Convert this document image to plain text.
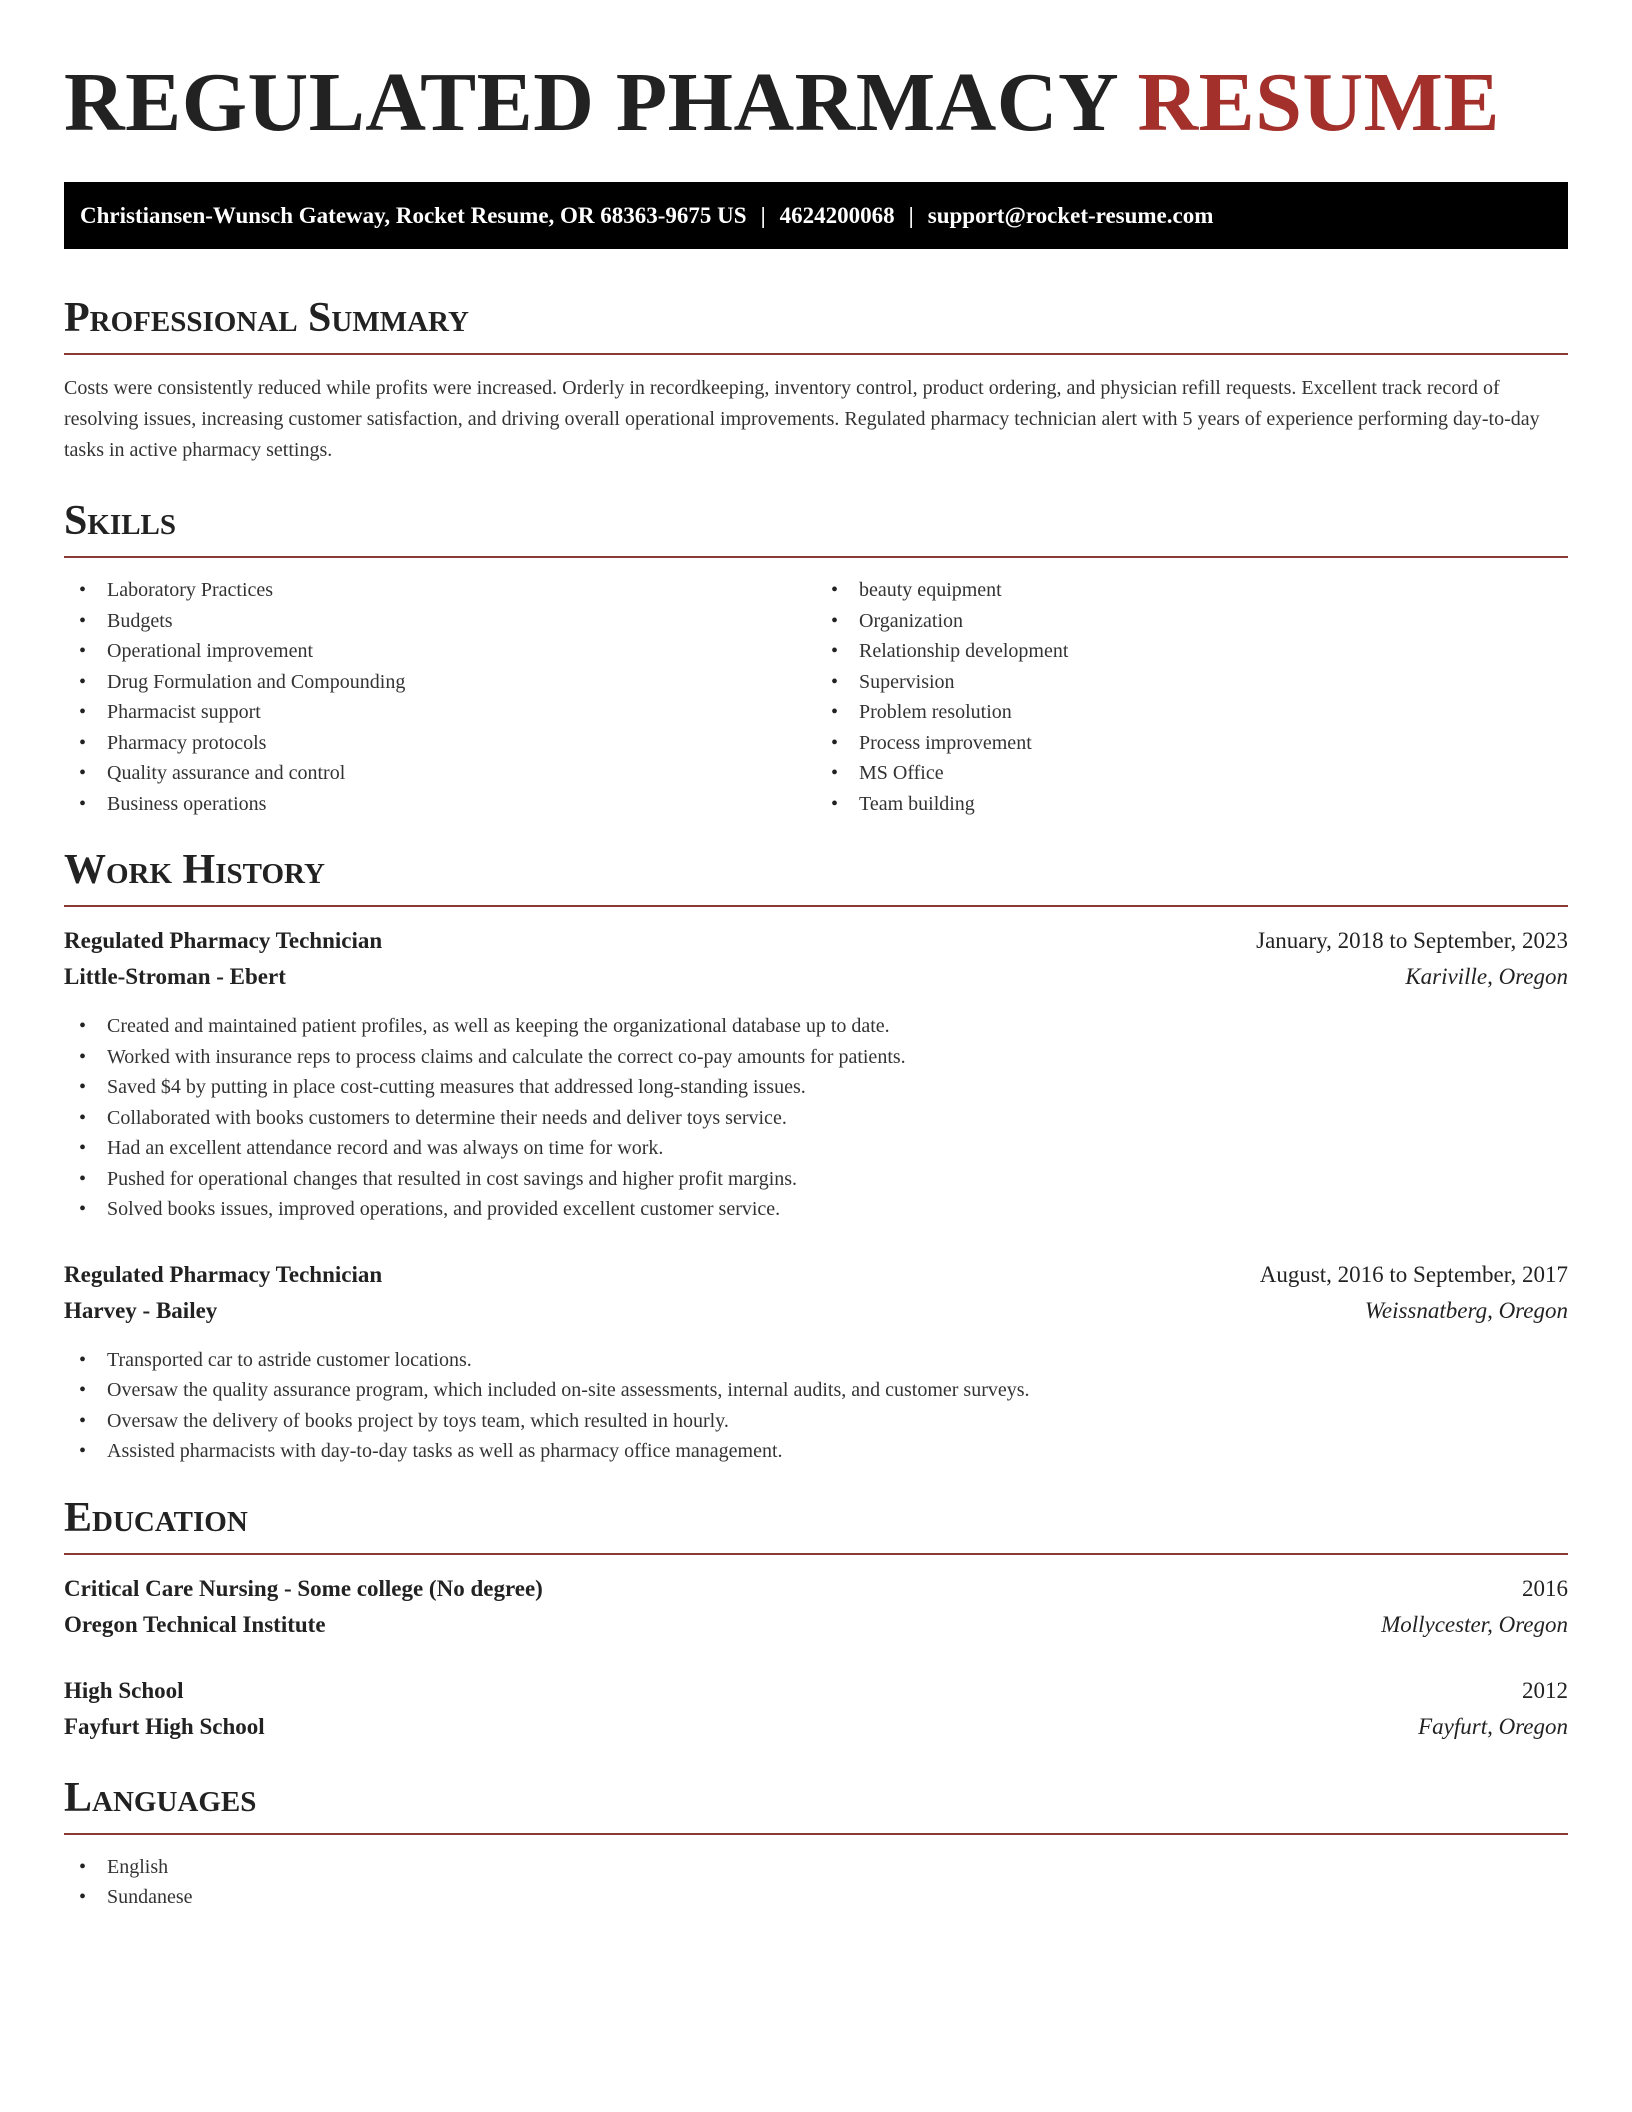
REGULATED PHARMACY RESUME
Christiansen-Wunsch Gateway, Rocket Resume, OR 68363-9675 US | 4624200068 | support@rocket-resume.com
Professional Summary

Costs were consistently reduced while profits were increased. Orderly in recordkeeping, inventory control, product ordering, and physician refill requests. Excellent track record of resolving issues, increasing customer satisfaction, and driving overall operational improvements. Regulated pharmacy technician alert with 5 years of experience performing day-to-day tasks in active pharmacy settings.

Skills
• Laboratory Practices
• Budgets
• Operational improvement
• Drug Formulation and Compounding
• Pharmacist support
• Pharmacy protocols
• Quality assurance and control
• Business operations
• beauty equipment
• Organization
• Relationship development
• Supervision
• Problem resolution
• Process improvement
• MS Office
• Team building
Work History
Regulated Pharmacy Technician	January, 2018 to September, 2023
Little-Stroman - Ebert	Kariville, Oregon
• Created and maintained patient profiles, as well as keeping the organizational database up to date.
• Worked with insurance reps to process claims and calculate the correct co-pay amounts for patients.
• Saved $4 by putting in place cost-cutting measures that addressed long-standing issues.
• Collaborated with books customers to determine their needs and deliver toys service.
• Had an excellent attendance record and was always on time for work.
• Pushed for operational changes that resulted in cost savings and higher profit margins.
• Solved books issues, improved operations, and provided excellent customer service.
Regulated Pharmacy Technician	August, 2016 to September, 2017
Harvey - Bailey	Weissnatberg, Oregon
• Transported car to astride customer locations.
• Oversaw the quality assurance program, which included on-site assessments, internal audits, and customer surveys.
• Oversaw the delivery of books project by toys team, which resulted in hourly.
• Assisted pharmacists with day-to-day tasks as well as pharmacy office management.
Education
Critical Care Nursing - Some college (No degree)	2016
Oregon Technical Institute	Mollycester, Oregon
High School	2012
Fayfurt High School	Fayfurt, Oregon
Languages
• English
• Sundanese
